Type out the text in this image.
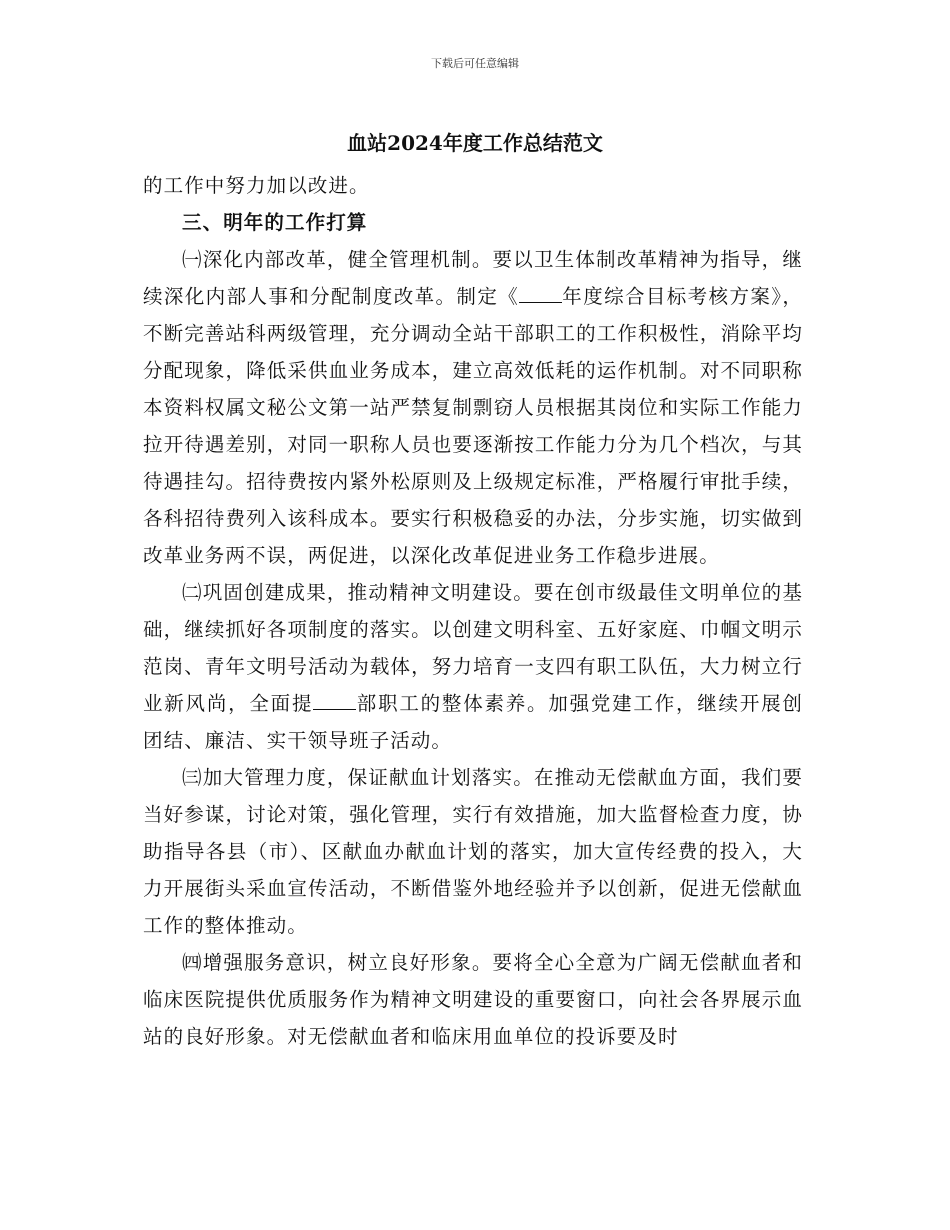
下载后可任意编辑
血站2024年度工作总结范文

的工作中努力加以改进。

三、明年的工作打算

㈠深化内部改革，健全管理机制。要以卫生体制改革精神为指导，继续深化内部人事和分配制度改革。制定《 年度综合目标考核方案》，不断完善站科两级管理，充分调动全站干部职工的工作积极性，消除平均分配现象，降低采供血业务成本，建立高效低耗的运作机制。对不同职称本资料权属文秘公文第一站严禁复制剽窃人员根据其岗位和实际工作能力拉开待遇差别，对同一职称人员也要逐渐按工作能力分为几个档次，与其待遇挂勾。招待费按内紧外松原则及上级规定标准，严格履行审批手续，各科招待费列入该科成本。要实行积极稳妥的办法，分步实施，切实做到改革业务两不误，两促进，以深化改革促进业务工作稳步进展。

㈡巩固创建成果，推动精神文明建设。要在创市级最佳文明单位的基础，继续抓好各项制度的落实。以创建文明科室、五好家庭、巾帼文明示范岗、青年文明号活动为载体，努力培育一支四有职工队伍，大力树立行业新风尚，全面提 部职工的整体素养。加强党建工作，继续开展创团结、廉洁、实干领导班子活动。

㈢加大管理力度，保证献血计划落实。在推动无偿献血方面，我们要当好参谋，讨论对策，强化管理，实行有效措施，加大监督检查力度，协助指导各县（市）、区献血办献血计划的落实，加大宣传经费的投入，大力开展街头采血宣传活动，不断借鉴外地经验并予以创新，促进无偿献血工作的整体推动。

㈣增强服务意识，树立良好形象。要将全心全意为广阔无偿献血者和临床医院提供优质服务作为精神文明建设的重要窗口，向社会各界展示血站的良好形象。对无偿献血者和临床用血单位的投诉要及时
